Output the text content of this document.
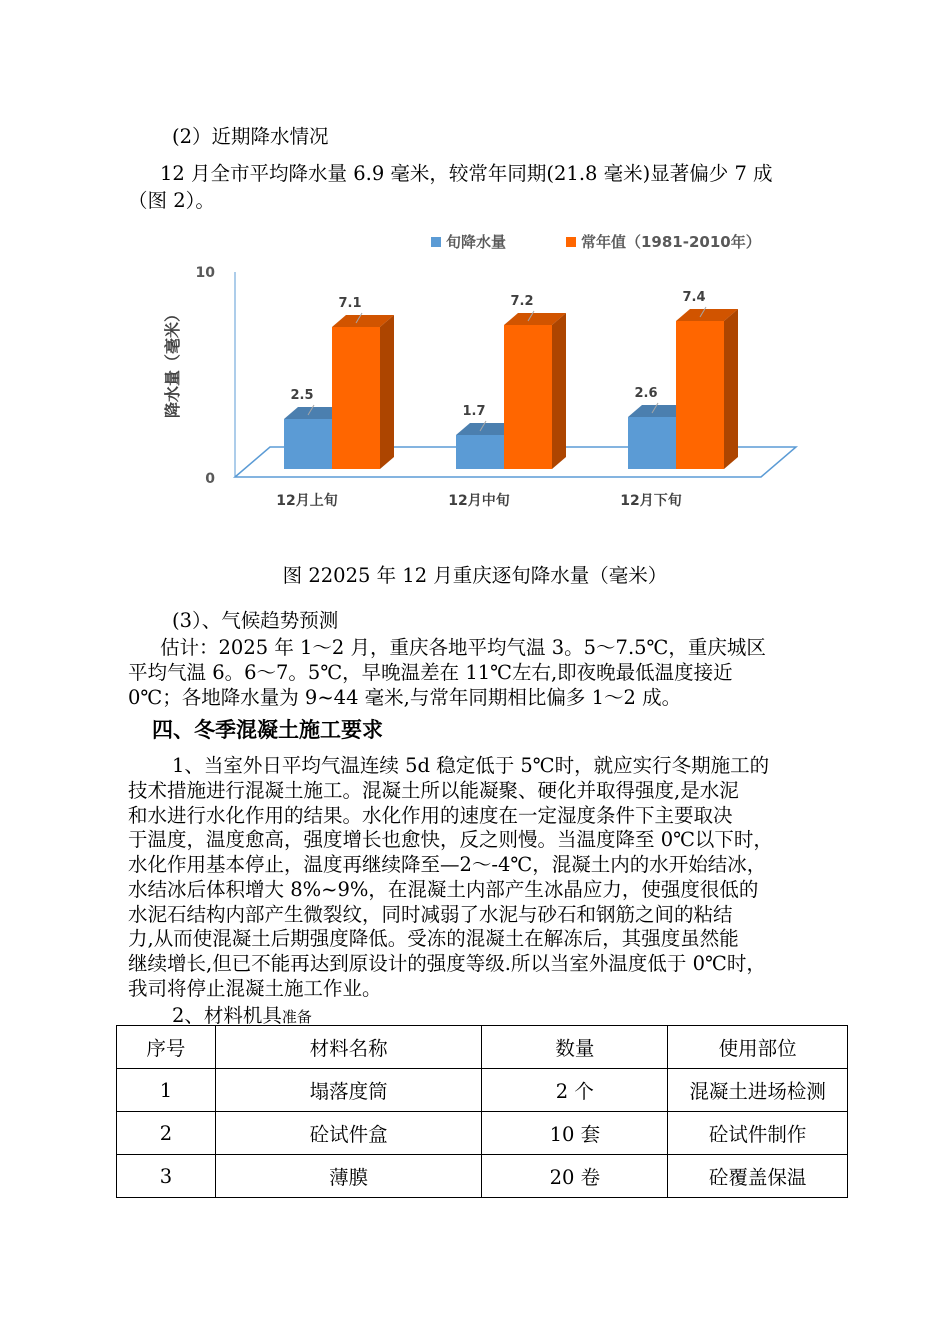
(2）近期降水情况
12 月全市平均降水量 6.9 毫米，较常年同期(21.8 毫米)显著偏少 7 成
（图 2）。
旬降水量	常年值（1981-2010年）
降水量（毫米）
10
0
2.5
7.1
1.7
7.2
2.6
7.4
12月上旬	12月中旬	12月下旬
图 22025 年 12 月重庆逐旬降水量（毫米）
(3）、气候趋势预测
估计：2025 年 1～2 月，重庆各地平均气温 3。5～7.5℃，重庆城区
平均气温 6。6～7。5℃，早晚温差在 11℃左右,即夜晚最低温度接近
0℃；各地降水量为 9~44 毫米,与常年同期相比偏多 1～2 成。
四、冬季混凝土施工要求
1、当室外日平均气温连续 5d 稳定低于 5℃时，就应实行冬期施工的
技术措施进行混凝土施工。混凝土所以能凝聚、硬化并取得强度,是水泥
和水进行水化作用的结果。水化作用的速度在一定湿度条件下主要取决
于温度，温度愈高，强度增长也愈快，反之则慢。当温度降至 0℃以下时，
水化作用基本停止，温度再继续降至—2～-4℃，混凝土内的水开始结冰，
水结冰后体积增大 8%~9%，在混凝土内部产生冰晶应力，使强度很低的
水泥石结构内部产生微裂纹，同时减弱了水泥与砂石和钢筋之间的粘结
力,从而使混凝土后期强度降低。受冻的混凝土在解冻后，其强度虽然能
继续增长,但已不能再达到原设计的强度等级.所以当室外温度低于 0℃时，
我司将停止混凝土施工作业。
2、材料机具准备
序号	材料名称	数量	使用部位
1	塌落度筒	2 个	混凝土进场检测
2	砼试件盒	10 套	砼试件制作
3	薄膜	20 卷	砼覆盖保温
